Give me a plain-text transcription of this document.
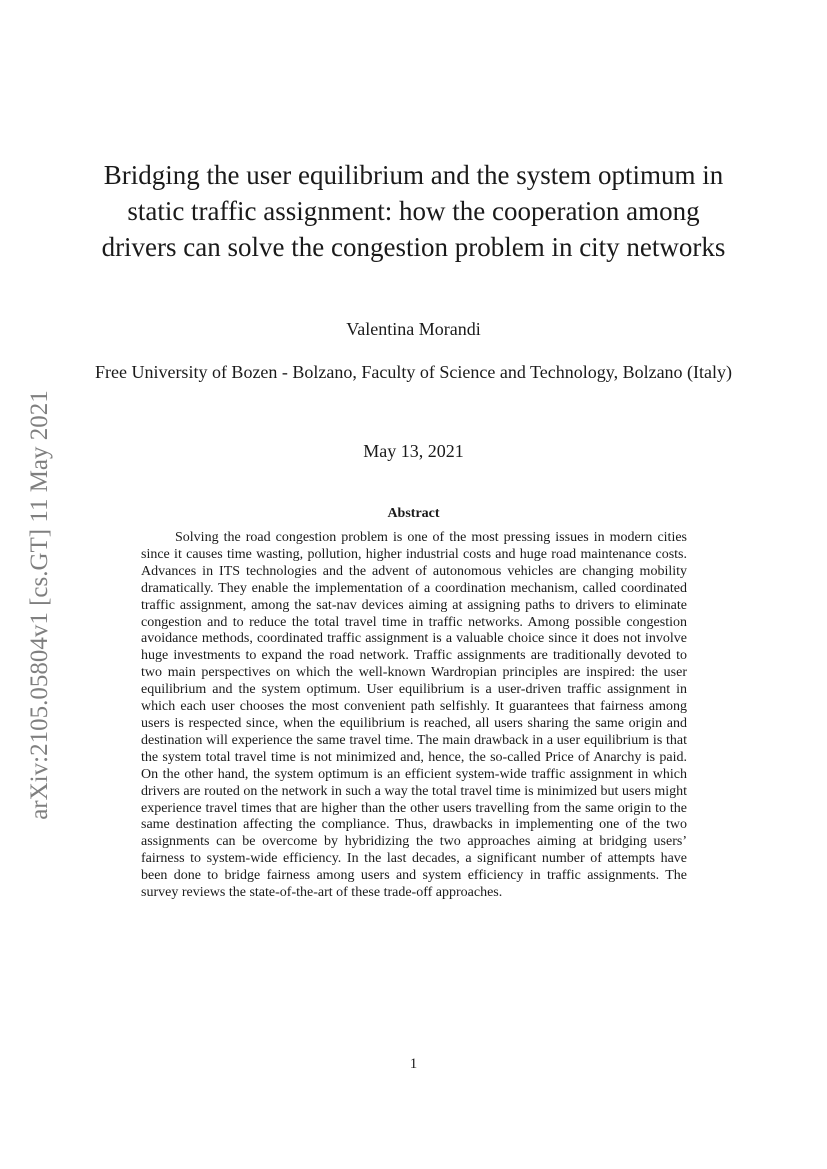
arXiv:2105.05804v1 [cs.GT] 11 May 2021
Bridging the user equilibrium and the system optimum in static traffic assignment: how the cooperation among drivers can solve the congestion problem in city networks

Valentina Morandi

Free University of Bozen - Bolzano, Faculty of Science and Technology, Bolzano (Italy)

May 13, 2021

Abstract

Solving the road congestion problem is one of the most pressing issues in modern cities since it causes time wasting, pollution, higher industrial costs and huge road maintenance costs. Advances in ITS technologies and the advent of autonomous vehicles are changing mobility dramatically. They enable the implementation of a coordination mechanism, called coordinated traffic assignment, among the sat-nav devices aiming at assigning paths to drivers to eliminate congestion and to reduce the total travel time in traffic networks. Among possible congestion avoidance methods, coordinated traffic assignment is a valuable choice since it does not involve huge investments to expand the road network. Traffic assignments are traditionally devoted to two main perspectives on which the well-known Wardropian principles are inspired: the user equilibrium and the system optimum. User equilibrium is a user-driven traffic assignment in which each user chooses the most convenient path selfishly. It guarantees that fairness among users is respected since, when the equilibrium is reached, all users sharing the same origin and destination will experience the same travel time. The main drawback in a user equilibrium is that the system total travel time is not minimized and, hence, the so-called Price of Anarchy is paid. On the other hand, the system optimum is an efficient system-wide traffic assignment in which drivers are routed on the network in such a way the total travel time is minimized but users might experience travel times that are higher than the other users travelling from the same origin to the same destination affecting the compliance. Thus, drawbacks in implementing one of the two assignments can be overcome by hybridizing the two approaches aiming at bridging users’ fairness to system-wide efficiency. In the last decades, a significant number of attempts have been done to bridge fairness among users and system efficiency in traffic assignments. The survey reviews the state-of-the-art of these trade-off approaches.

1
